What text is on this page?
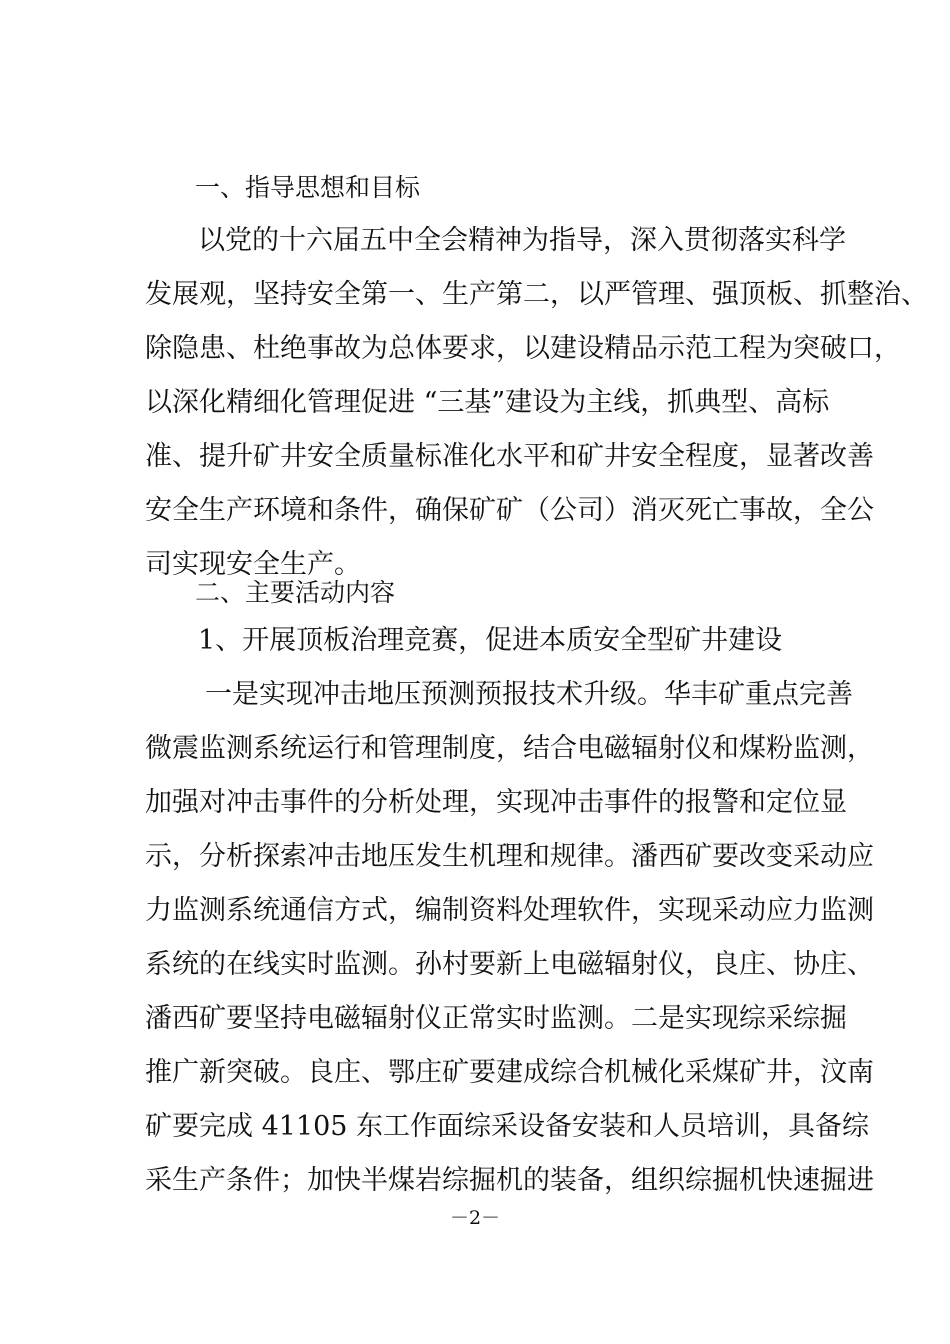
一、指导思想和目标
以党的十六届五中全会精神为指导，深入贯彻落实科学
发展观，坚持安全第一、生产第二，以严管理、强顶板、抓整治、
除隐患、杜绝事故为总体要求，以建设精品示范工程为突破口，
以深化精细化管理促进 “三基”建设为主线，抓典型、高标
准、提升矿井安全质量标准化水平和矿井安全程度，显著改善
安全生产环境和条件，确保矿矿（公司）消灭死亡事故，全公
司实现安全生产。
二、主要活动内容
1、开展顶板治理竞赛，促进本质安全型矿井建设
一是实现冲击地压预测预报技术升级。华丰矿重点完善
微震监测系统运行和管理制度，结合电磁辐射仪和煤粉监测，
加强对冲击事件的分析处理，实现冲击事件的报警和定位显
示，分析探索冲击地压发生机理和规律。潘西矿要改变采动应
力监测系统通信方式，编制资料处理软件，实现采动应力监测
系统的在线实时监测。孙村要新上电磁辐射仪，良庄、协庄、
潘西矿要坚持电磁辐射仪正常实时监测。二是实现综采综掘
推广新突破。良庄、鄂庄矿要建成综合机械化采煤矿井，汶南
矿要完成 41105 东工作面综采设备安装和人员培训，具备综
采生产条件；加快半煤岩综掘机的装备，组织综掘机快速掘进
－2－
